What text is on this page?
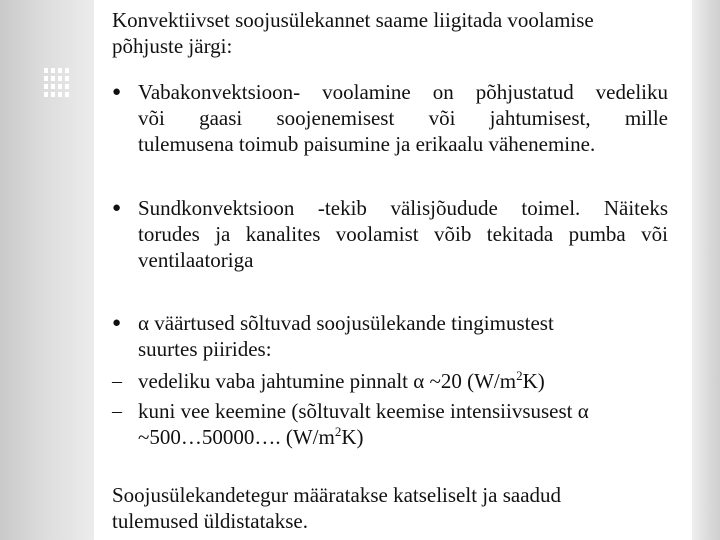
Konvektiivset soojusülekannet saame liigitada voolamise
põhjuste järgi:
● Vabakonvektsioon- voolamine on põhjustatud vedeliku
või gaasi soojenemisest või jahtumisest, mille
tulemusena toimub paisumine ja erikaalu vähenemine.
● Sundkonvektsioon -tekib välisjõudude toimel. Näiteks
torudes ja kanalites voolamist võib tekitada pumba või
ventilaatoriga
● α väärtused sõltuvad soojusülekande tingimustest
suurtes piirides:
– vedeliku vaba jahtumine pinnalt α ~20 $(W/m^2K)$
– kuni vee keemine (sõltuvalt keemise intensiivsusest α
~500…50000…. $(W/m^2K)$
Soojusülekandetegur määratakse katseliselt ja saadud
tulemused üldistatakse.
